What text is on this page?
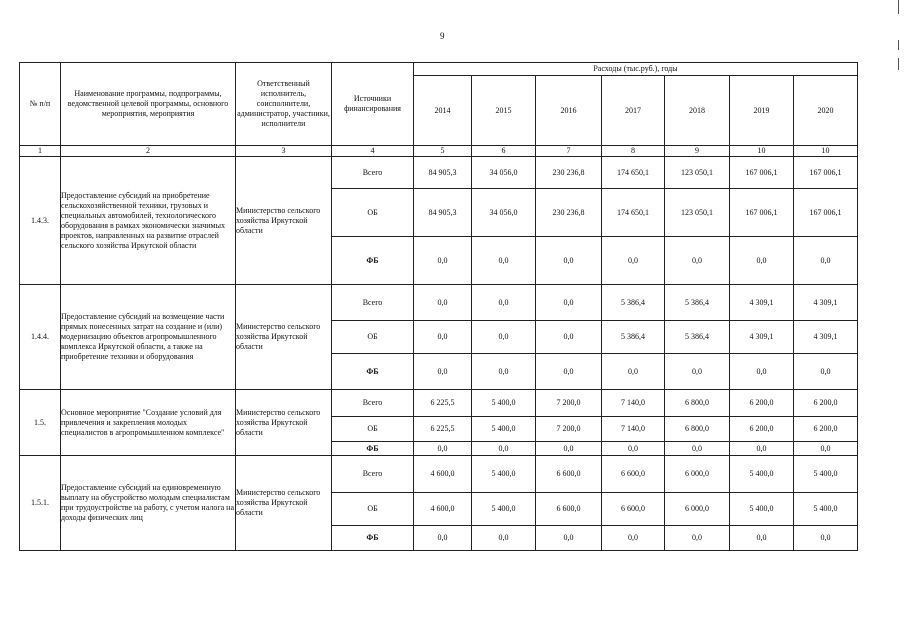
9
№ п/п	Наименование программы, подпрограммы, ведомственной целевой программы, основного мероприятия, мероприятия	Ответственный исполнитель, соисполнители, администратор, участники, исполнители	Источники финансирования	Расходы (тыс.руб.), годы						
				2014	2015	2016	2017	2018	2019	2020
1	2	3	4	5	6	7	8	9	10	10
1.4.3.	Предоставление субсидий на приобретение сельскохозяйственной техники, грузовых и специальных автомобилей, технологического оборудования в рамках экономически значимых проектов, направленных на развитие отраслей сельского хозяйства Иркутской области	Министерство сельского хозяйства Иркутской области	Всего	84 905,3	34 056,0	230 236,8	174 650,1	123 050,1	167 006,1	167 006,1
			ОБ	84 905,3	34 056,0	230 236,8	174 650,1	123 050,1	167 006,1	167 006,1
			ФБ	0,0	0,0	0,0	0,0	0,0	0,0	0,0
1.4.4.	Предоставление субсидий на возмещение части прямых понесенных затрат на создание и (или) модернизацию объектов агропромышленного комплекса Иркутской области, а также на приобретение техники и оборудования	Министерство сельского хозяйства Иркутской области	Всего	0,0	0,0	0,0	5 386,4	5 386,4	4 309,1	4 309,1
			ОБ	0,0	0,0	0,0	5 386,4	5 386,4	4 309,1	4 309,1
			ФБ	0,0	0,0	0,0	0,0	0,0	0,0	0,0
1.5.	Основное мероприятие "Создание условий для привлечения и закрепления молодых специалистов в агропромышленном комплексе"	Министерство сельского хозяйства Иркутской области	Всего	6 225,5	5 400,0	7 200,0	7 140,0	6 800,0	6 200,0	6 200,0
			ОБ	6 225,5	5 400,0	7 200,0	7 140,0	6 800,0	6 200,0	6 200,0
			ФБ	0,0	0,0	0,0	0,0	0,0	0,0	0,0
1.5.1.	Предоставление субсидий на единовременную выплату на обустройство молодым специалистам при трудоустройстве на работу, с учетом налога на доходы физических лиц	Министерство сельского хозяйства Иркутской области	Всего	4 600,0	5 400,0	6 600,0	6 600,0	6 000,0	5 400,0	5 400,0
			ОБ	4 600,0	5 400,0	6 600,0	6 600,0	6 000,0	5 400,0	5 400,0
			ФБ	0,0	0,0	0,0	0,0	0,0	0,0	0,0
